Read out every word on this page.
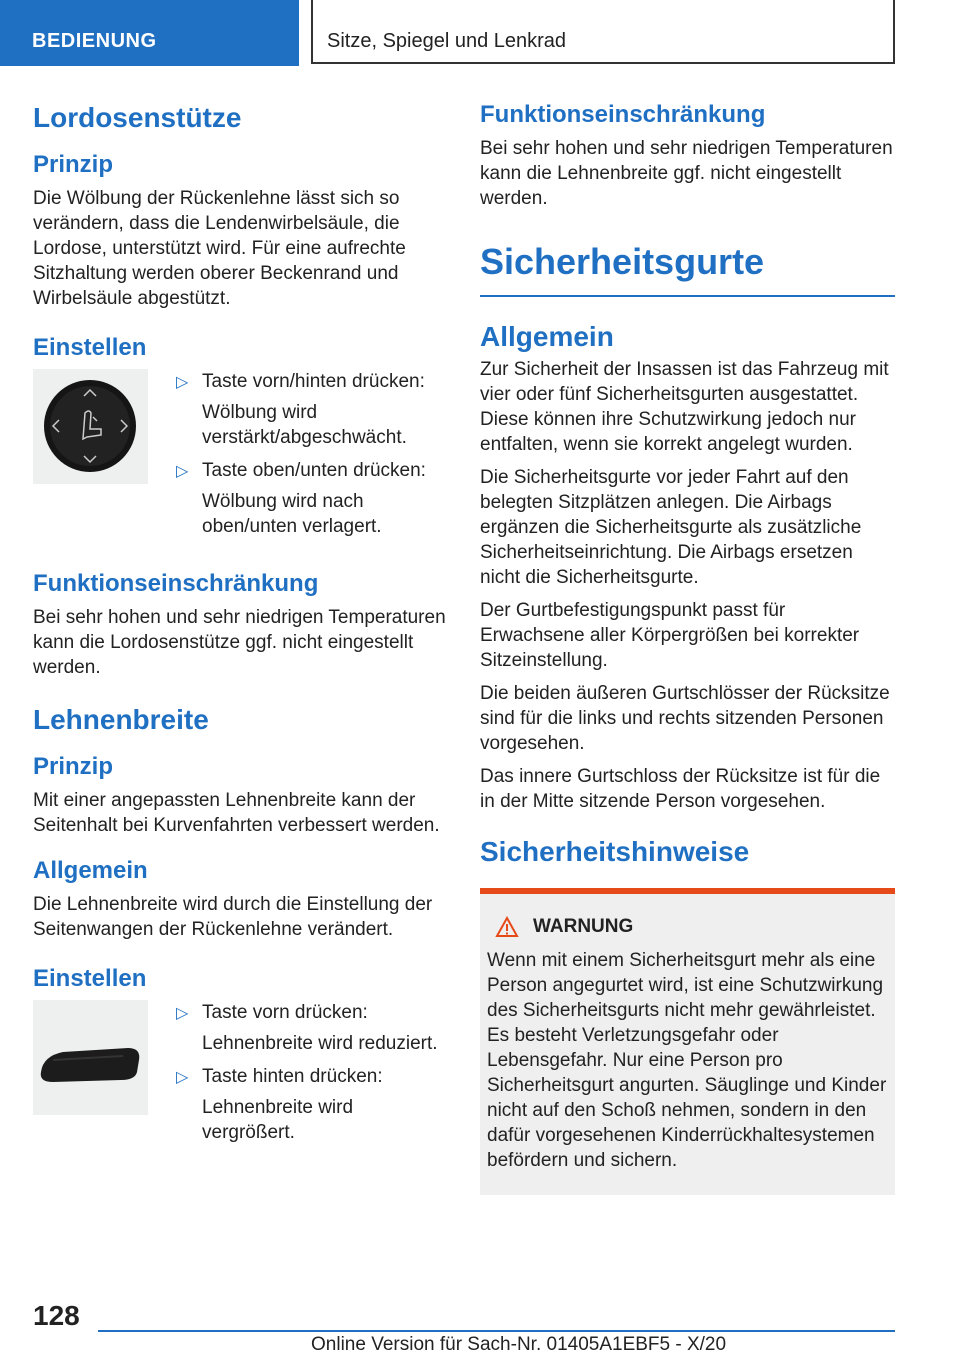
BEDIENUNG	Sitze, Spiegel und Lenkrad
Lordosenstütze
Prinzip

Die Wölbung der Rückenlehne lässt sich so verändern, dass die Lendenwirbelsäule, die Lordose, unterstützt wird. Für eine aufrechte Sitzhaltung werden oberer Beckenrand und Wirbelsäule abgestützt.

Einstellen
▷ Taste vorn/hinten drücken:
Wölbung wird verstärkt/abgeschwächt.
▷ Taste oben/unten drücken:
Wölbung wird nach oben/unten verlagert.
Funktionseinschränkung

Bei sehr hohen und sehr niedrigen Temperaturen kann die Lordosenstütze ggf. nicht eingestellt werden.

Lehnenbreite
Prinzip

Mit einer angepassten Lehnenbreite kann der Seitenhalt bei Kurvenfahrten verbessert werden.

Allgemein

Die Lehnenbreite wird durch die Einstellung der Seitenwangen der Rückenlehne verändert.

Einstellen
▷ Taste vorn drücken:
Lehnenbreite wird reduziert.
▷ Taste hinten drücken:
Lehnenbreite wird vergrößert.
Funktionseinschränkung

Bei sehr hohen und sehr niedrigen Temperaturen kann die Lehnenbreite ggf. nicht eingestellt werden.

Sicherheitsgurte
Allgemein

Zur Sicherheit der Insassen ist das Fahrzeug mit vier oder fünf Sicherheitsgurten ausgestattet. Diese können ihre Schutzwirkung jedoch nur entfalten, wenn sie korrekt angelegt wurden.

Die Sicherheitsgurte vor jeder Fahrt auf den belegten Sitzplätzen anlegen. Die Airbags ergänzen die Sicherheitsgurte als zusätzliche Sicherheitseinrichtung. Die Airbags ersetzen nicht die Sicherheitsgurte.

Der Gurtbefestigungspunkt passt für Erwachsene aller Körpergrößen bei korrekter Sitzeinstellung.

Die beiden äußeren Gurtschlösser der Rücksitze sind für die links und rechts sitzenden Personen vorgesehen.

Das innere Gurtschloss der Rücksitze ist für die in der Mitte sitzende Person vorgesehen.

Sicherheitshinweise
WARNUNG

Wenn mit einem Sicherheitsgurt mehr als eine Person angegurtet wird, ist eine Schutzwirkung des Sicherheitsgurts nicht mehr gewährleistet. Es besteht Verletzungsgefahr oder Lebensgefahr. Nur eine Person pro Sicherheitsgurt angurten. Säuglinge und Kinder nicht auf den Schoß nehmen, sondern in den dafür vorgesehenen Kinderrückhaltesystemen befördern und sichern.

128
Online Version für Sach-Nr. 01405A1EBF5 - X/20
